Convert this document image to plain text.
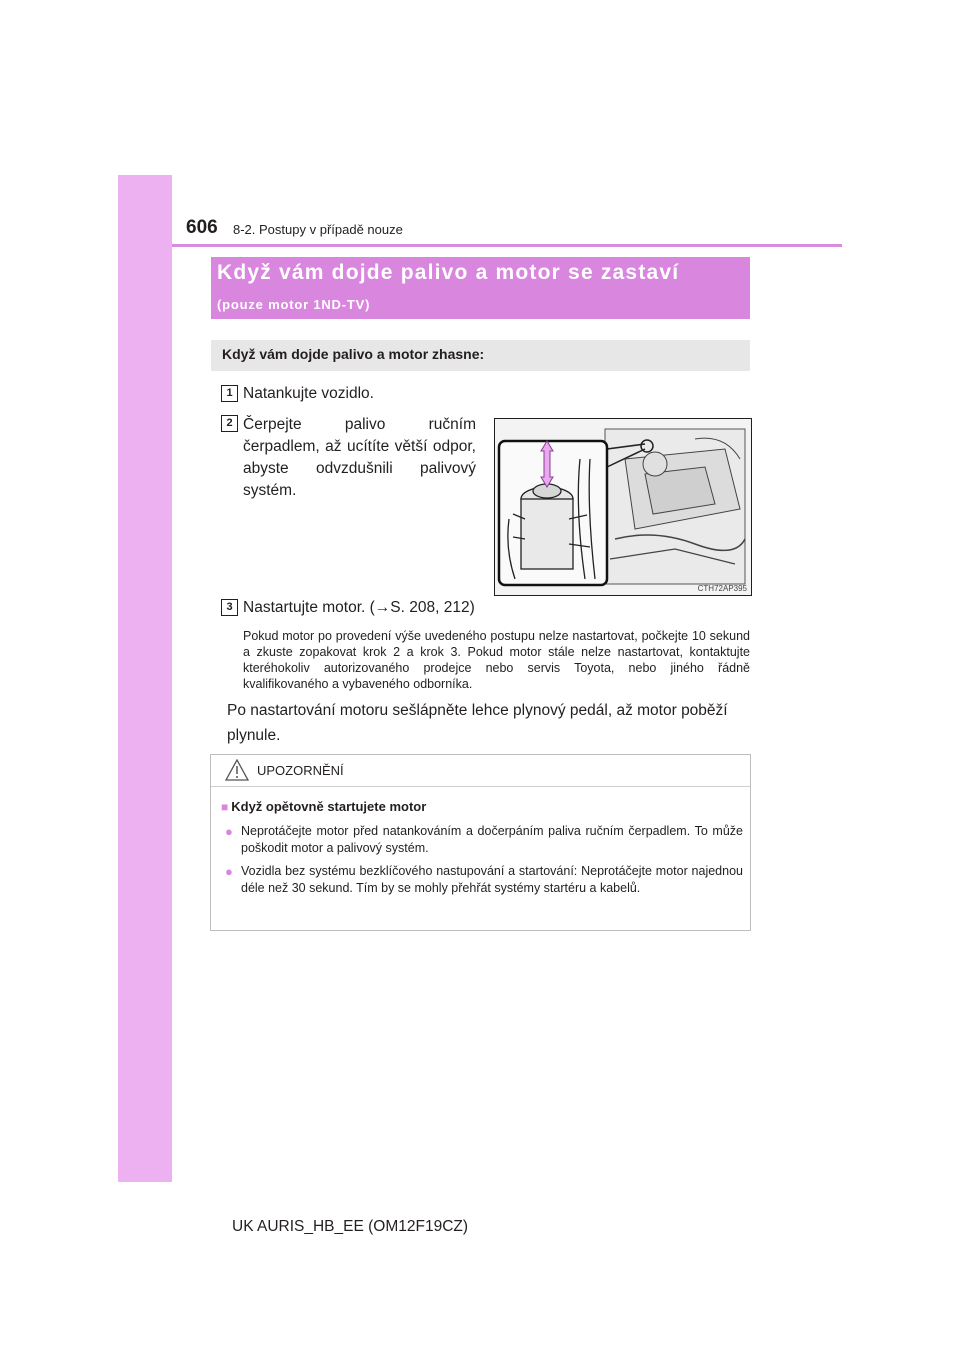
606 8-2. Postupy v případě nouze
Když vám dojde palivo a motor se zastaví
(pouze motor 1ND-TV)
Když vám dojde palivo a motor zhasne:
1 Natankujte vozidlo.
2 Čerpejte palivo ručním čerpadlem, až ucítíte větší odpor, abyste odvzdušnili palivový systém.
CTH72AP395
3 Nastartujte motor. (→S. 208, 212)
Pokud motor po provedení výše uvedeného postupu nelze nastartovat, počkejte 10 sekund a zkuste zopakovat krok 2 a krok 3. Pokud motor stále nelze nastartovat, kontaktujte kteréhokoliv autorizovaného prodejce nebo servis Toyota, nebo jiného řádně kvalifikovaného a vybaveného odborníka.
Po nastartování motoru sešlápněte lehce plynový pedál, až motor poběží plynule.
UPOZORNĚNÍ
■ Když opětovně startujete motor
● Neprotáčejte motor před natankováním a dočerpáním paliva ručním čerpadlem. To může poškodit motor a palivový systém.
● Vozidla bez systému bezklíčového nastupování a startování: Neprotáčejte motor najednou déle než 30 sekund. Tím by se mohly přehřát systémy startéru a kabelů.
UK AURIS_HB_EE (OM12F19CZ)
